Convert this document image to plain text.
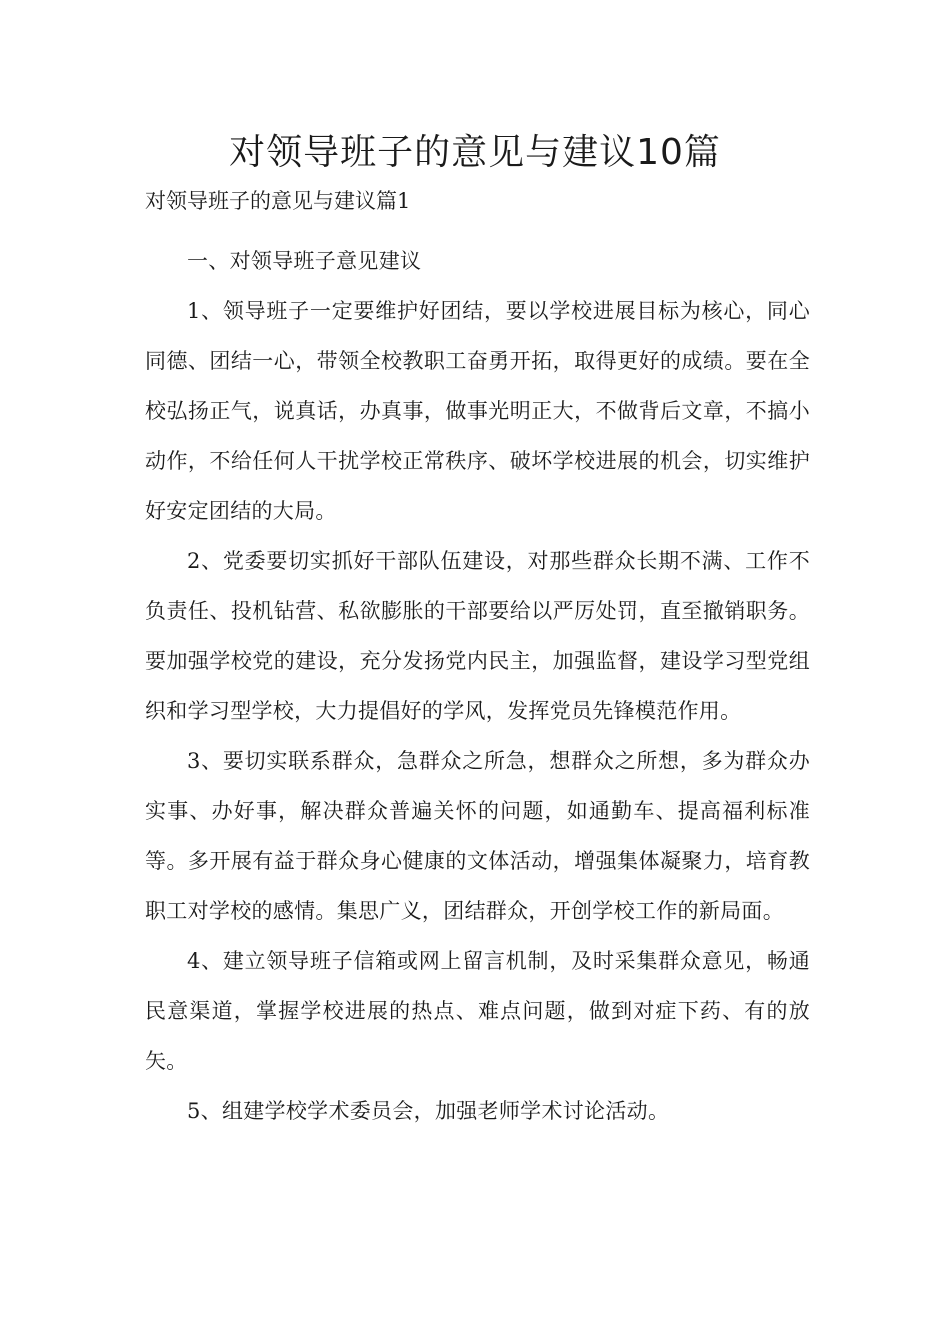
对领导班子的意见与建议10篇
对领导班子的意见与建议篇1

一、对领导班子意见建议

1、领导班子一定要维护好团结，要以学校进展目标为核心，同心同德、团结一心，带领全校教职工奋勇开拓，取得更好的成绩。要在全校弘扬正气，说真话，办真事，做事光明正大，不做背后文章，不搞小动作，不给任何人干扰学校正常秩序、破坏学校进展的机会，切实维护好安定团结的大局。

2、党委要切实抓好干部队伍建设，对那些群众长期不满、工作不负责任、投机钻营、私欲膨胀的干部要给以严厉处罚，直至撤销职务。要加强学校党的建设，充分发扬党内民主，加强监督，建设学习型党组织和学习型学校，大力提倡好的学风，发挥党员先锋模范作用。

3、要切实联系群众，急群众之所急，想群众之所想，多为群众办实事、办好事，解决群众普遍关怀的问题，如通勤车、提高福利标准等。多开展有益于群众身心健康的文体活动，增强集体凝聚力，培育教职工对学校的感情。集思广义，团结群众，开创学校工作的新局面。

4、建立领导班子信箱或网上留言机制，及时采集群众意见，畅通民意渠道，掌握学校进展的热点、难点问题，做到对症下药、有的放矢。

5、组建学校学术委员会，加强老师学术讨论活动。
